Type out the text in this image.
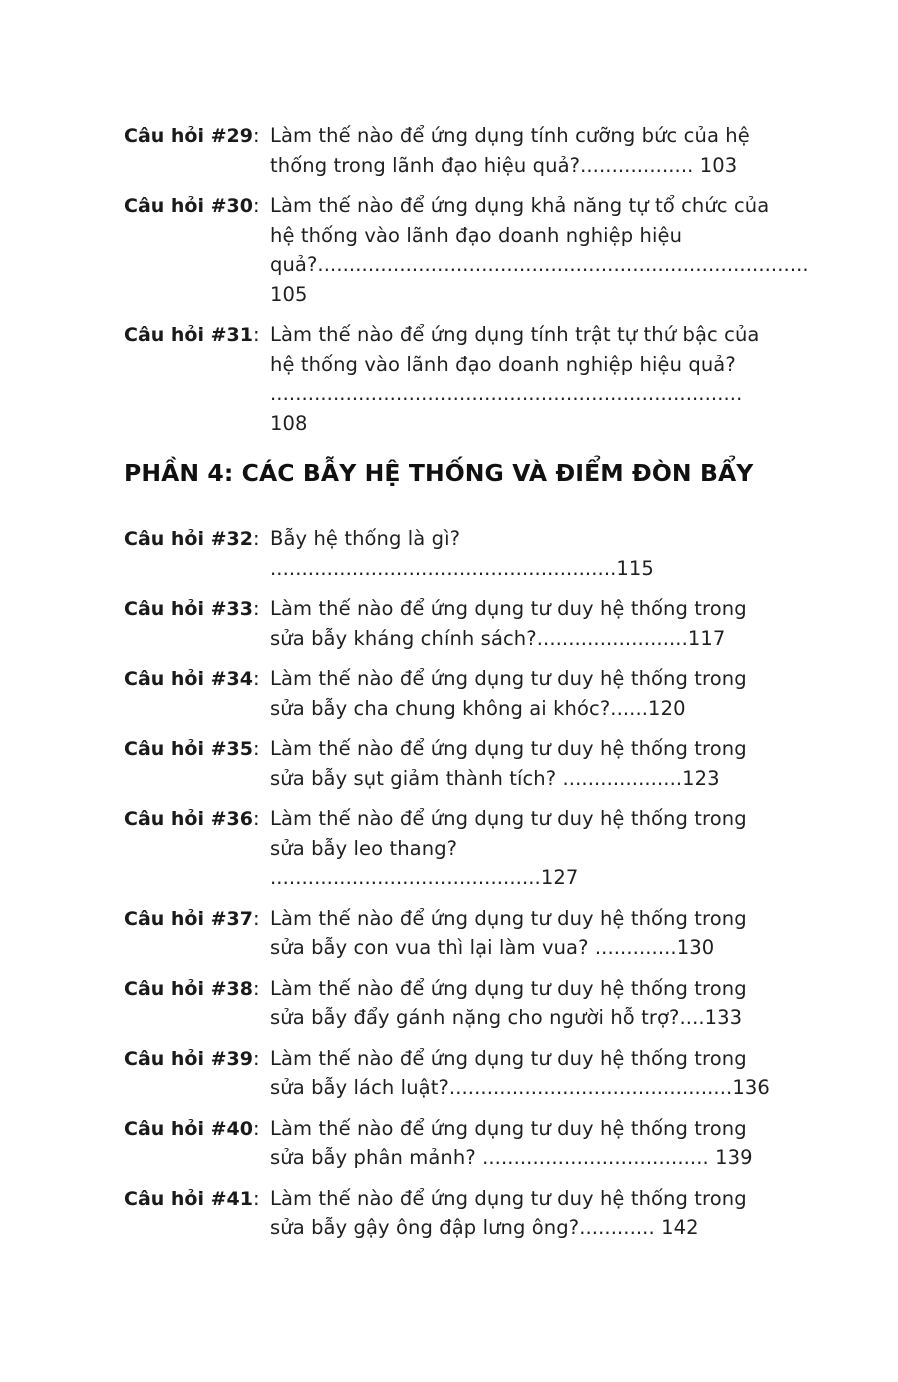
Câu hỏi #29: Làm thế nào để ứng dụng tính cưỡng bức của hệ thống trong lãnh đạo hiệu quả?.................. 103
Câu hỏi #30: Làm thế nào để ứng dụng khả năng tự tổ chức của hệ thống vào lãnh đạo doanh nghiệp hiệu quả?.............................................................................. 105
Câu hỏi #31: Làm thế nào để ứng dụng tính trật tự thứ bậc của hệ thống vào lãnh đạo doanh nghiệp hiệu quả? ........................................................................... 108
PHẦN 4: CÁC BẪY HỆ THỐNG VÀ ĐIỂM ĐÒN BẨY
Câu hỏi #32: Bẫy hệ thống là gì? .......................................................115
Câu hỏi #33: Làm thế nào để ứng dụng tư duy hệ thống trong sửa bẫy kháng chính sách?........................117
Câu hỏi #34: Làm thế nào để ứng dụng tư duy hệ thống trong sửa bẫy cha chung không ai khóc?......120
Câu hỏi #35: Làm thế nào để ứng dụng tư duy hệ thống trong sửa bẫy sụt giảm thành tích? ...................123
Câu hỏi #36: Làm thế nào để ứng dụng tư duy hệ thống trong sửa bẫy leo thang? ...........................................127
Câu hỏi #37: Làm thế nào để ứng dụng tư duy hệ thống trong sửa bẫy con vua thì lại làm vua? .............130
Câu hỏi #38: Làm thế nào để ứng dụng tư duy hệ thống trong sửa bẫy đẩy gánh nặng cho người hỗ trợ?....133
Câu hỏi #39: Làm thế nào để ứng dụng tư duy hệ thống trong sửa bẫy lách luật?.............................................136
Câu hỏi #40: Làm thế nào để ứng dụng tư duy hệ thống trong sửa bẫy phân mảnh? .................................... 139
Câu hỏi #41: Làm thế nào để ứng dụng tư duy hệ thống trong sửa bẫy gậy ông đập lưng ông?............ 142
